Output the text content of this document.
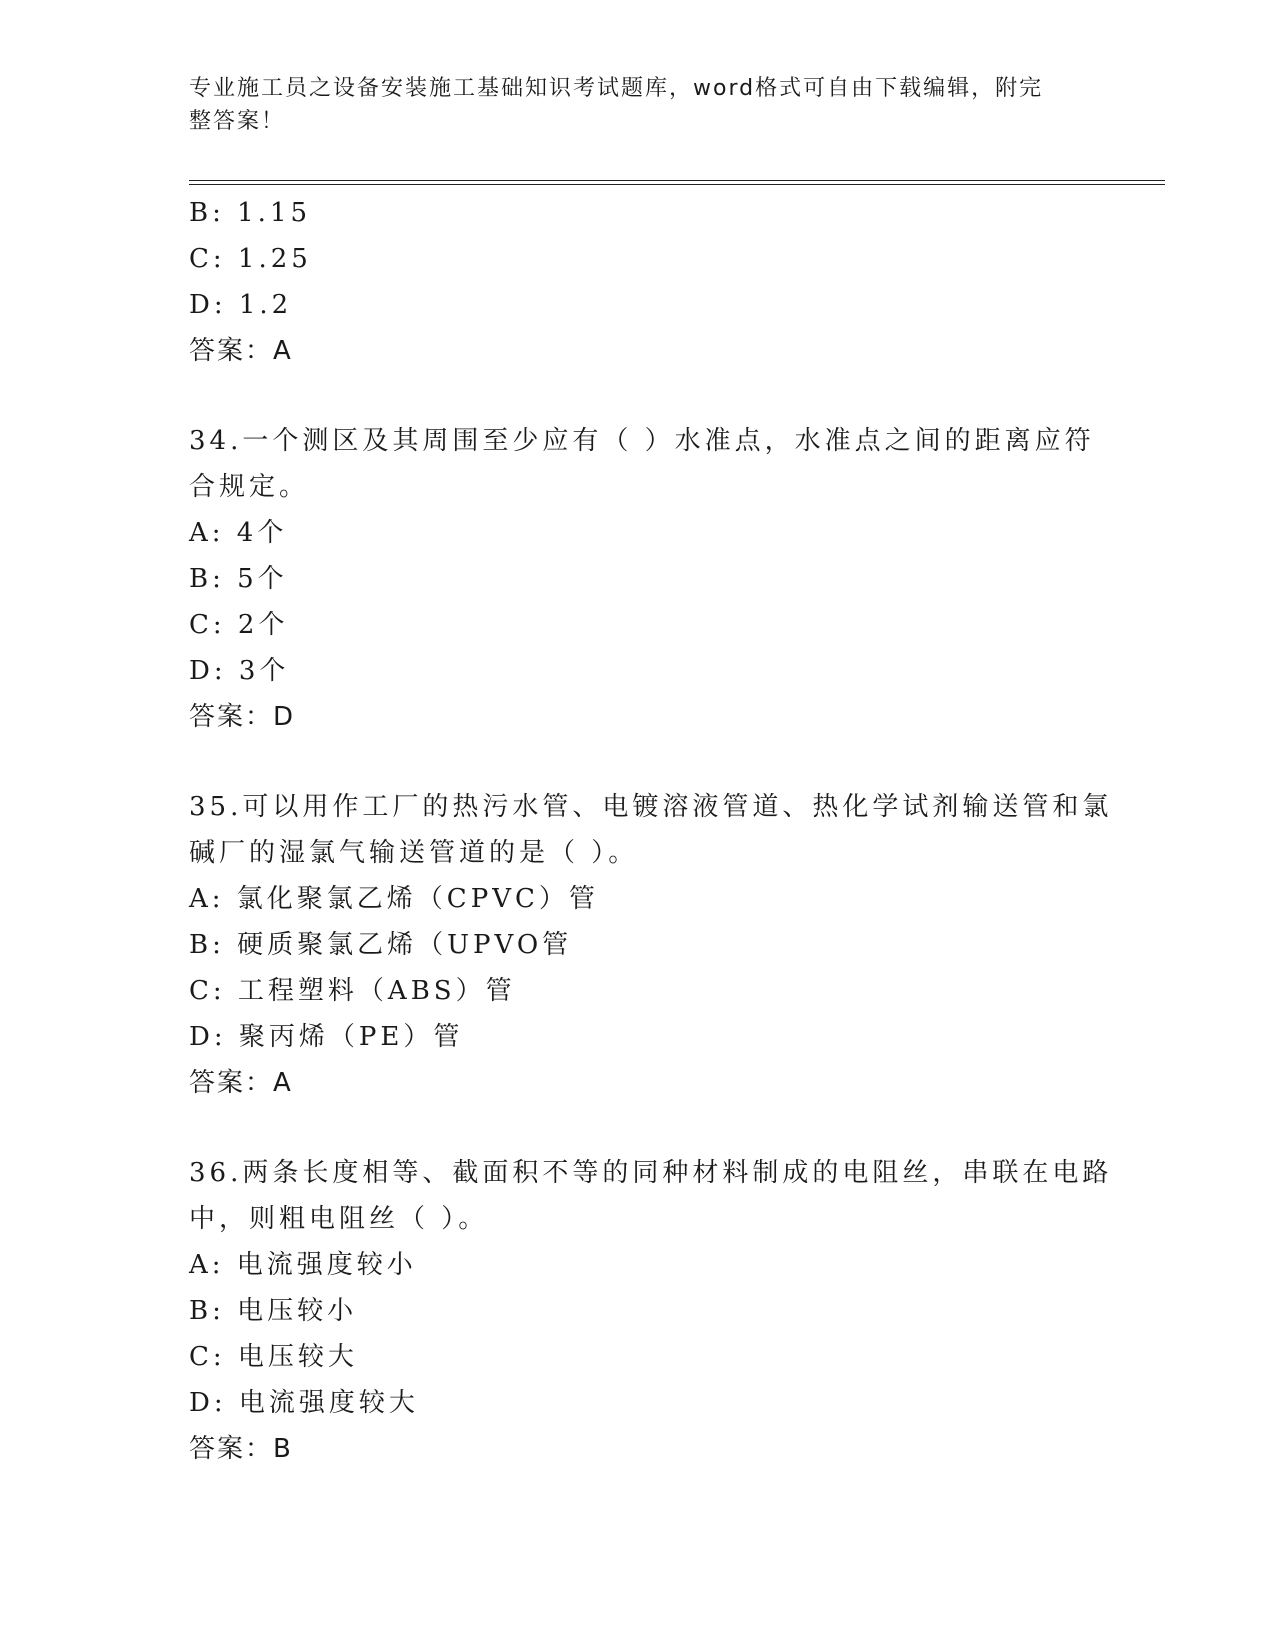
专业施工员之设备安装施工基础知识考试题库，word格式可自由下载编辑，附完
整答案！
B: 1.15
C: 1.25
D: 1.2
答案：A
34.一个测区及其周围至少应有（ ）水准点，水准点之间的距离应符
合规定。
A: 4个
B: 5个
C: 2个
D: 3个
答案：D
35.可以用作工厂的热污水管、电镀溶液管道、热化学试剂输送管和氯
碱厂的湿氯气输送管道的是（ ）。
A: 氯化聚氯乙烯（CPVC）管
B: 硬质聚氯乙烯（UPVO管
C: 工程塑料（ABS）管
D: 聚丙烯（PE）管
答案：A
36.两条长度相等、截面积不等的同种材料制成的电阻丝，串联在电路
中，则粗电阻丝（ ）。
A: 电流强度较小
B: 电压较小
C: 电压较大
D: 电流强度较大
答案：B
